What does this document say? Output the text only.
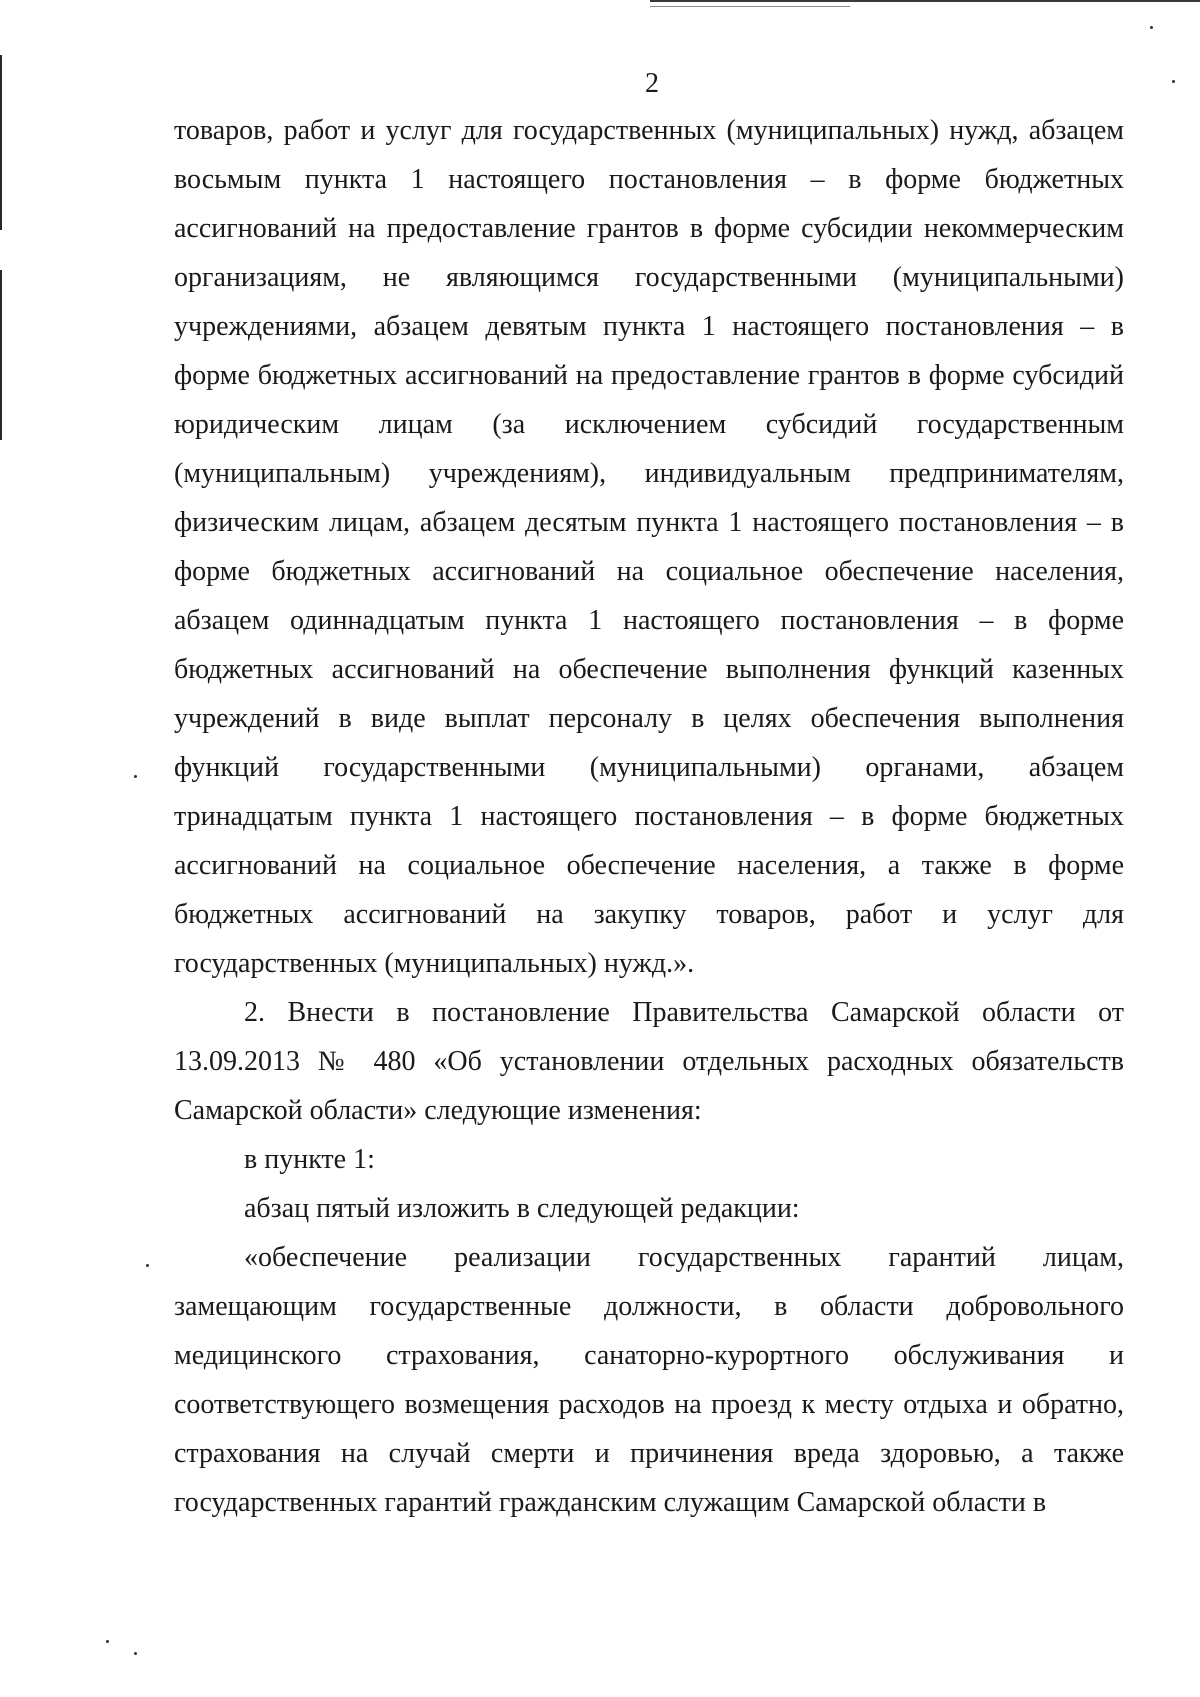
2

товаров, работ и услуг для государственных (муниципальных) нужд, абзацем восьмым пункта 1 настоящего постановления – в форме бюджетных ассигнований на предоставление грантов в форме субсидии некоммерческим организациям, не являющимся государственными (муниципальными) учреждениями, абзацем девятым пункта 1 настоящего постановления – в форме бюджетных ассигнований на предоставление грантов в форме субсидий юридическим лицам (за исключением субсидий государственным (муниципальным) учреждениям), индивидуальным предпринимателям, физическим лицам, абзацем десятым пункта 1 настоящего постановления – в форме бюджетных ассигнований на социальное обеспечение населения, абзацем одиннадцатым пункта 1 настоящего постановления – в форме бюджетных ассигнований на обеспечение выполнения функций казенных учреждений в виде выплат персоналу в целях обеспечения выполнения функций государственными (муниципальными) органами, абзацем тринадцатым пункта 1 настоящего постановления – в форме бюджетных ассигнований на социальное обеспечение населения, а также в форме бюджетных ассигнований на закупку товаров, работ и услуг для государственных (муниципальных) нужд.».

2. Внести в постановление Правительства Самарской области от 13.09.2013 № 480 «Об установлении отдельных расходных обязательств Самарской области» следующие изменения:

в пункте 1:

абзац пятый изложить в следующей редакции:

«обеспечение реализации государственных гарантий лицам, замещающим государственные должности, в области добровольного медицинского страхования, санаторно-курортного обслуживания и соответствующего возмещения расходов на проезд к месту отдыха и обратно, страхования на случай смерти и причинения вреда здоровью, а также государственных гарантий гражданским служащим Самарской области в
